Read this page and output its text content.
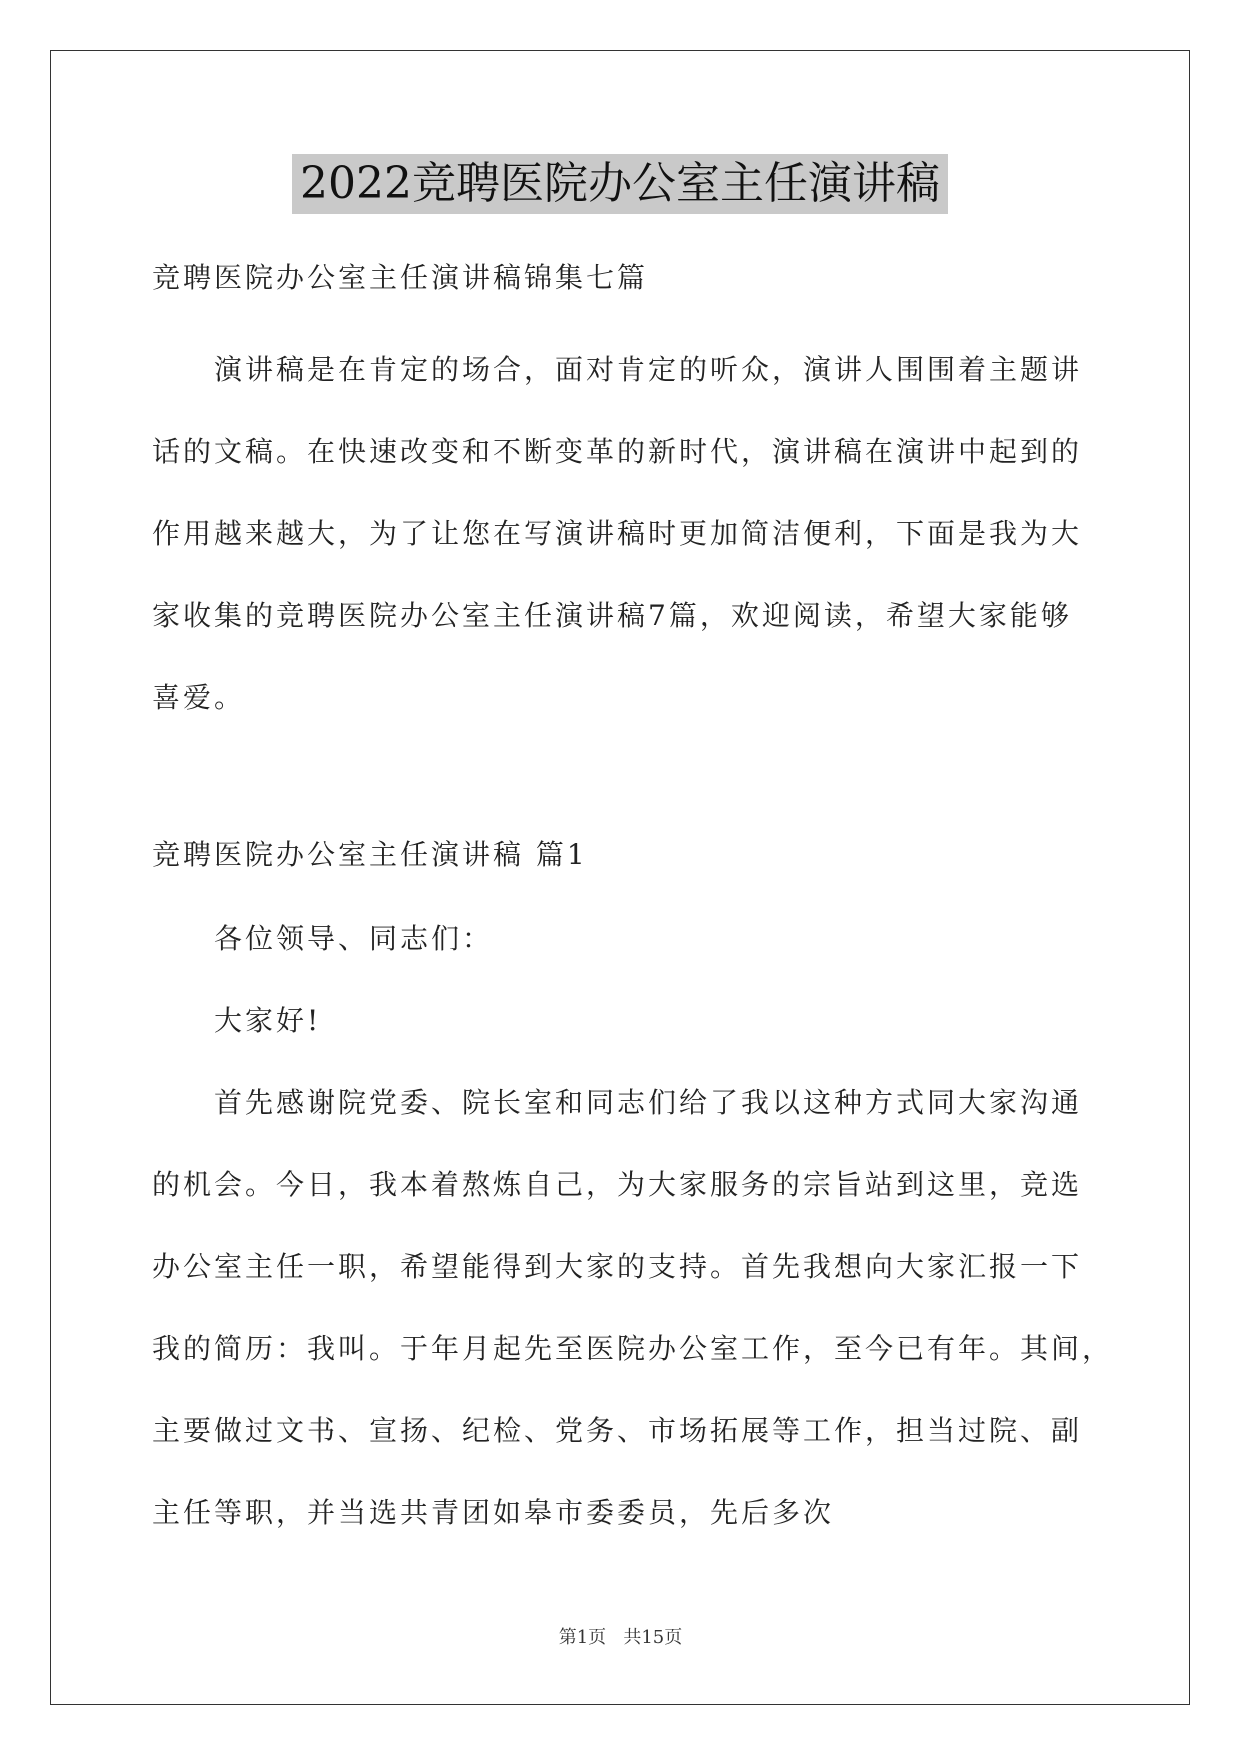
2022竞聘医院办公室主任演讲稿
竞聘医院办公室主任演讲稿锦集七篇
演讲稿是在肯定的场合，面对肯定的听众，演讲人围围着主题讲
话的文稿。在快速改变和不断变革的新时代，演讲稿在演讲中起到的
作用越来越大，为了让您在写演讲稿时更加简洁便利，下面是我为大
家收集的竞聘医院办公室主任演讲稿7篇，欢迎阅读，希望大家能够
喜爱。
竞聘医院办公室主任演讲稿 篇1
各位领导、同志们：
大家好!
首先感谢院党委、院长室和同志们给了我以这种方式同大家沟通
的机会。今日，我本着熬炼自己，为大家服务的宗旨站到这里，竞选
办公室主任一职，希望能得到大家的支持。首先我想向大家汇报一下
我的简历：我叫。于年月起先至医院办公室工作，至今已有年。其间，
主要做过文书、宣扬、纪检、党务、市场拓展等工作，担当过院、副
主任等职，并当选共青团如皋市委委员，先后多次
第1页   共15页
